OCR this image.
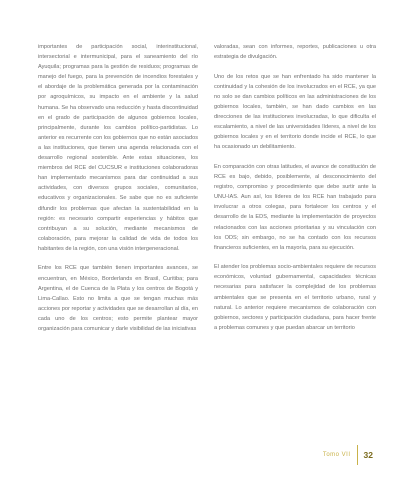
importantes de participación social, interinstitucional, intersectorial e intermunicipal, para el saneamiento del río Ayuquila; programas para la gestión de residuos; programas de manejo del fuego, para la prevención de incendios forestales y el abordaje de la problemática generada por la contaminación por agroquímicos, su impacto en el ambiente y la salud humana. Se ha observado una reducción y hasta discontinuidad en el grado de participación de algunos gobiernos locales, principalmente, durante los cambios político-partidistas. Lo anterior es recurrente con los gobiernos que no están asociados a las instituciones, que tienen una agenda relacionada con el desarrollo regional sostenible. Ante estas situaciones, los miembros del RCE del CUCSUR e instituciones colaboradoras han implementado mecanismos para dar continuidad a sus actividades, con diversos grupos sociales, comunitarios, educativos y organizacionales. Se sabe que no es suficiente difundir los problemas que afectan la sustentabilidad en la región: es necesario compartir experiencias y hábitos que contribuyan a su solución, mediante mecanismos de colaboración, para mejorar la calidad de vida de todos los habitantes de la región, con una visión intergeneracional.

Entre los RCE que también tienen importantes avances, se encuentran, en México, Borderlands en Brasil, Curitiba; para Argentina, el de Cuenca de la Plata y los centros de Bogotá y Lima-Callao. Esto no limita a que se tengan muchas más acciones por reportar y actividades que se desarrollan al día, en cada uno de los centros; esto permite plantear mayor organización para comunicar y darle visibilidad de las iniciativas

valoradas, sean con informes, reportes, publicaciones u otra estrategia de divulgación.

Uno de los retos que se han enfrentado ha sido mantener la continuidad y la cohesión de los involucrados en el RCE, ya que no solo se dan cambios políticos en las administraciones de los gobiernos locales, también, se han dado cambios en las direcciones de las instituciones involucradas, lo que dificulta el escalamiento, a nivel de las universidades líderes, a nivel de los gobiernos locales y en el territorio donde incide el RCE, lo que ha ocasionado un debilitamiento.

En comparación con otras latitudes, el avance de constitución de RCE es bajo, debido, posiblemente, al desconocimiento del registro, compromiso y procedimiento que debe surtir ante la UNU-IAS. Aun así, los líderes de los RCE han trabajado para involucrar a otros colegas, para fortalecer los centros y el desarrollo de la EDS, mediante la implementación de proyectos relacionados con las acciones prioritarias y su vinculación con los ODS; sin embargo, no se ha contado con los recursos financieros suficientes, en la mayoría, para su ejecución.

El atender los problemas socio-ambientales requiere de recursos económicos, voluntad gubernamental, capacidades técnicas necesarias para satisfacer la complejidad de los problemas ambientales que se presenta en el territorio urbano, rural y natural. Lo anterior requiere mecanismos de colaboración con gobiernos, sectores y participación ciudadana, para hacer frente a problemas comunes y que puedan abarcar un territorio

Tomo VII 32
